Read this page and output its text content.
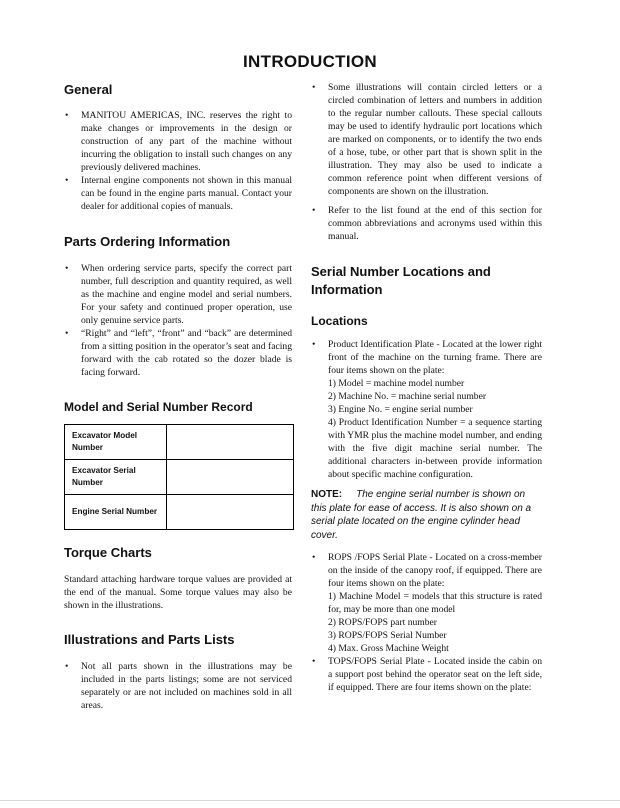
INTRODUCTION
General
• MANITOU AMERICAS, INC. reserves the right to make changes or improvements in the design or construction of any part of the machine without incurring the obligation to install such changes on any previously delivered machines.
• Internal engine components not shown in this manual can be found in the engine parts manual. Contact your dealer for additional copies of manuals.
Parts Ordering Information
• When ordering service parts, specify the correct part number, full description and quantity required, as well as the machine and engine model and serial numbers. For your safety and continued proper operation, use only genuine service parts.
• “Right” and “left”, “front” and “back” are determined from a sitting position in the operator’s seat and facing forward with the cab rotated so the dozer blade is facing forward.
Model and Serial Number Record
Excavator Model Number	
Excavator Serial Number	
Engine Serial Number	
Torque Charts

Standard attaching hardware torque values are provided at the end of the manual. Some torque values may also be shown in the illustrations.

Illustrations and Parts Lists
• Not all parts shown in the illustrations may be included in the parts listings; some are not serviced separately or are not included on machines sold in all areas.
• Some illustrations will contain circled letters or a circled combination of letters and numbers in addition to the regular number callouts. These special callouts may be used to identify hydraulic port locations which are marked on components, or to identify the two ends of a hose, tube, or other part that is shown split in the illustration. They may also be used to indicate a common reference point when different versions of components are shown on the illustration.
• Refer to the list found at the end of this section for common abbreviations and acronyms used within this manual.
Serial Number Locations and Information
Locations
• Product Identification Plate - Located at the lower right front of the machine on the turning frame. There are four items shown on the plate:
1) Model = machine model number
2) Machine No. = machine serial number
3) Engine No. = engine serial number
4) Product Identification Number = a sequence starting with YMR plus the machine model number, and ending with the five digit machine serial number. The additional characters in-between provide information about specific machine configuration.

NOTE: The engine serial number is shown on this plate for ease of access. It is also shown on a serial plate located on the engine cylinder head cover.

• ROPS /FOPS Serial Plate - Located on a cross-member on the inside of the canopy roof, if equipped. There are four items shown on the plate:
1) Machine Model = models that this structure is rated for, may be more than one model
2) ROPS/FOPS part number
3) ROPS/FOPS Serial Number
4) Max. Gross Machine Weight
• TOPS/FOPS Serial Plate - Located inside the cabin on a support post behind the operator seat on the left side, if equipped. There are four items shown on the plate:
